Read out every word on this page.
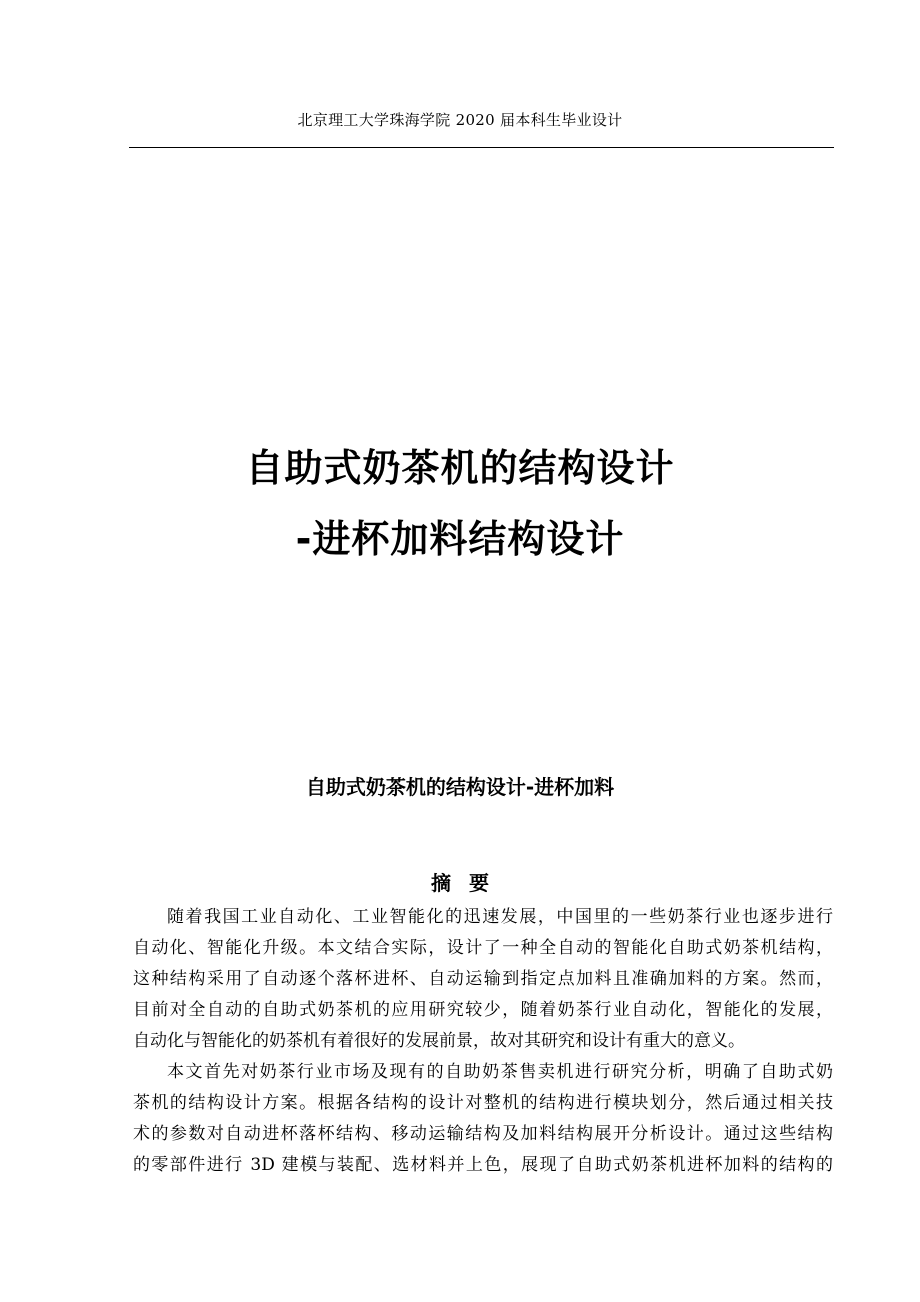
北京理工大学珠海学院 2020 届本科生毕业设计
自助式奶茶机的结构设计
-进杯加料结构设计
自助式奶茶机的结构设计-进杯加料
摘要
随着我国工业自动化、工业智能化的迅速发展，中国里的一些奶茶行业也逐步进行
自动化、智能化升级。本文结合实际，设计了一种全自动的智能化自助式奶茶机结构，
这种结构采用了自动逐个落杯进杯、自动运输到指定点加料且准确加料的方案。然而，
目前对全自动的自助式奶茶机的应用研究较少，随着奶茶行业自动化，智能化的发展，
自动化与智能化的奶茶机有着很好的发展前景，故对其研究和设计有重大的意义。
本文首先对奶茶行业市场及现有的自助奶茶售卖机进行研究分析，明确了自助式奶
茶机的结构设计方案。根据各结构的设计对整机的结构进行模块划分，然后通过相关技
术的参数对自动进杯落杯结构、移动运输结构及加料结构展开分析设计。通过这些结构
的零部件进行 3D 建模与装配、选材料并上色，展现了自助式奶茶机进杯加料的结构的
